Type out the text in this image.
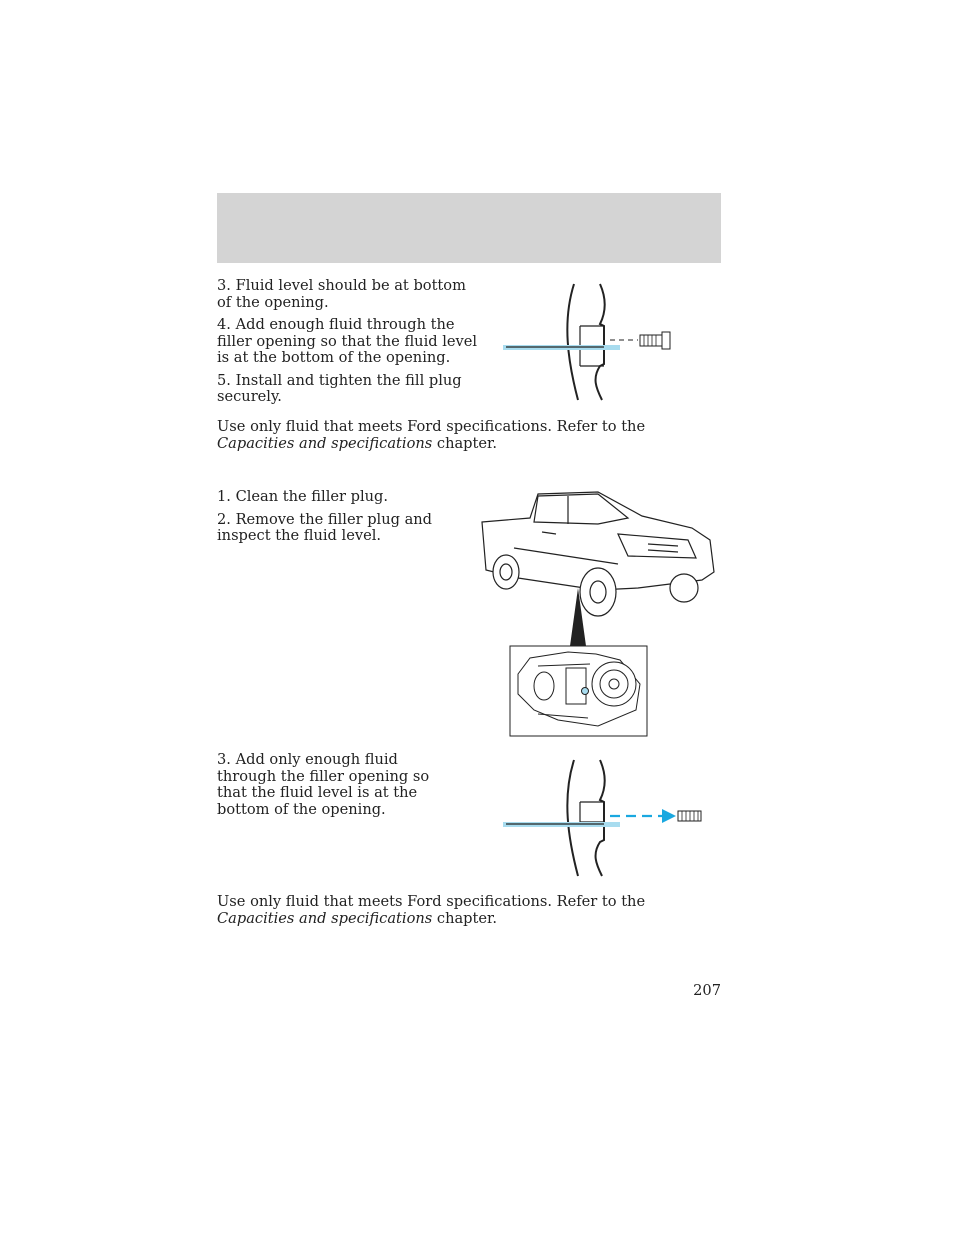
3. Fluid level should be at bottom of the opening.

4. Add enough fluid through the filler opening so that the fluid level is at the bottom of the opening.

5. Install and tighten the fill plug securely.

Use only fluid that meets Ford specifications. Refer to the Capacities and specifications chapter.

1. Clean the filler plug.

2. Remove the filler plug and inspect the fluid level.

3. Add only enough fluid through the filler opening so that the fluid level is at the bottom of the opening.

Use only fluid that meets Ford specifications. Refer to the Capacities and specifications chapter.
207
